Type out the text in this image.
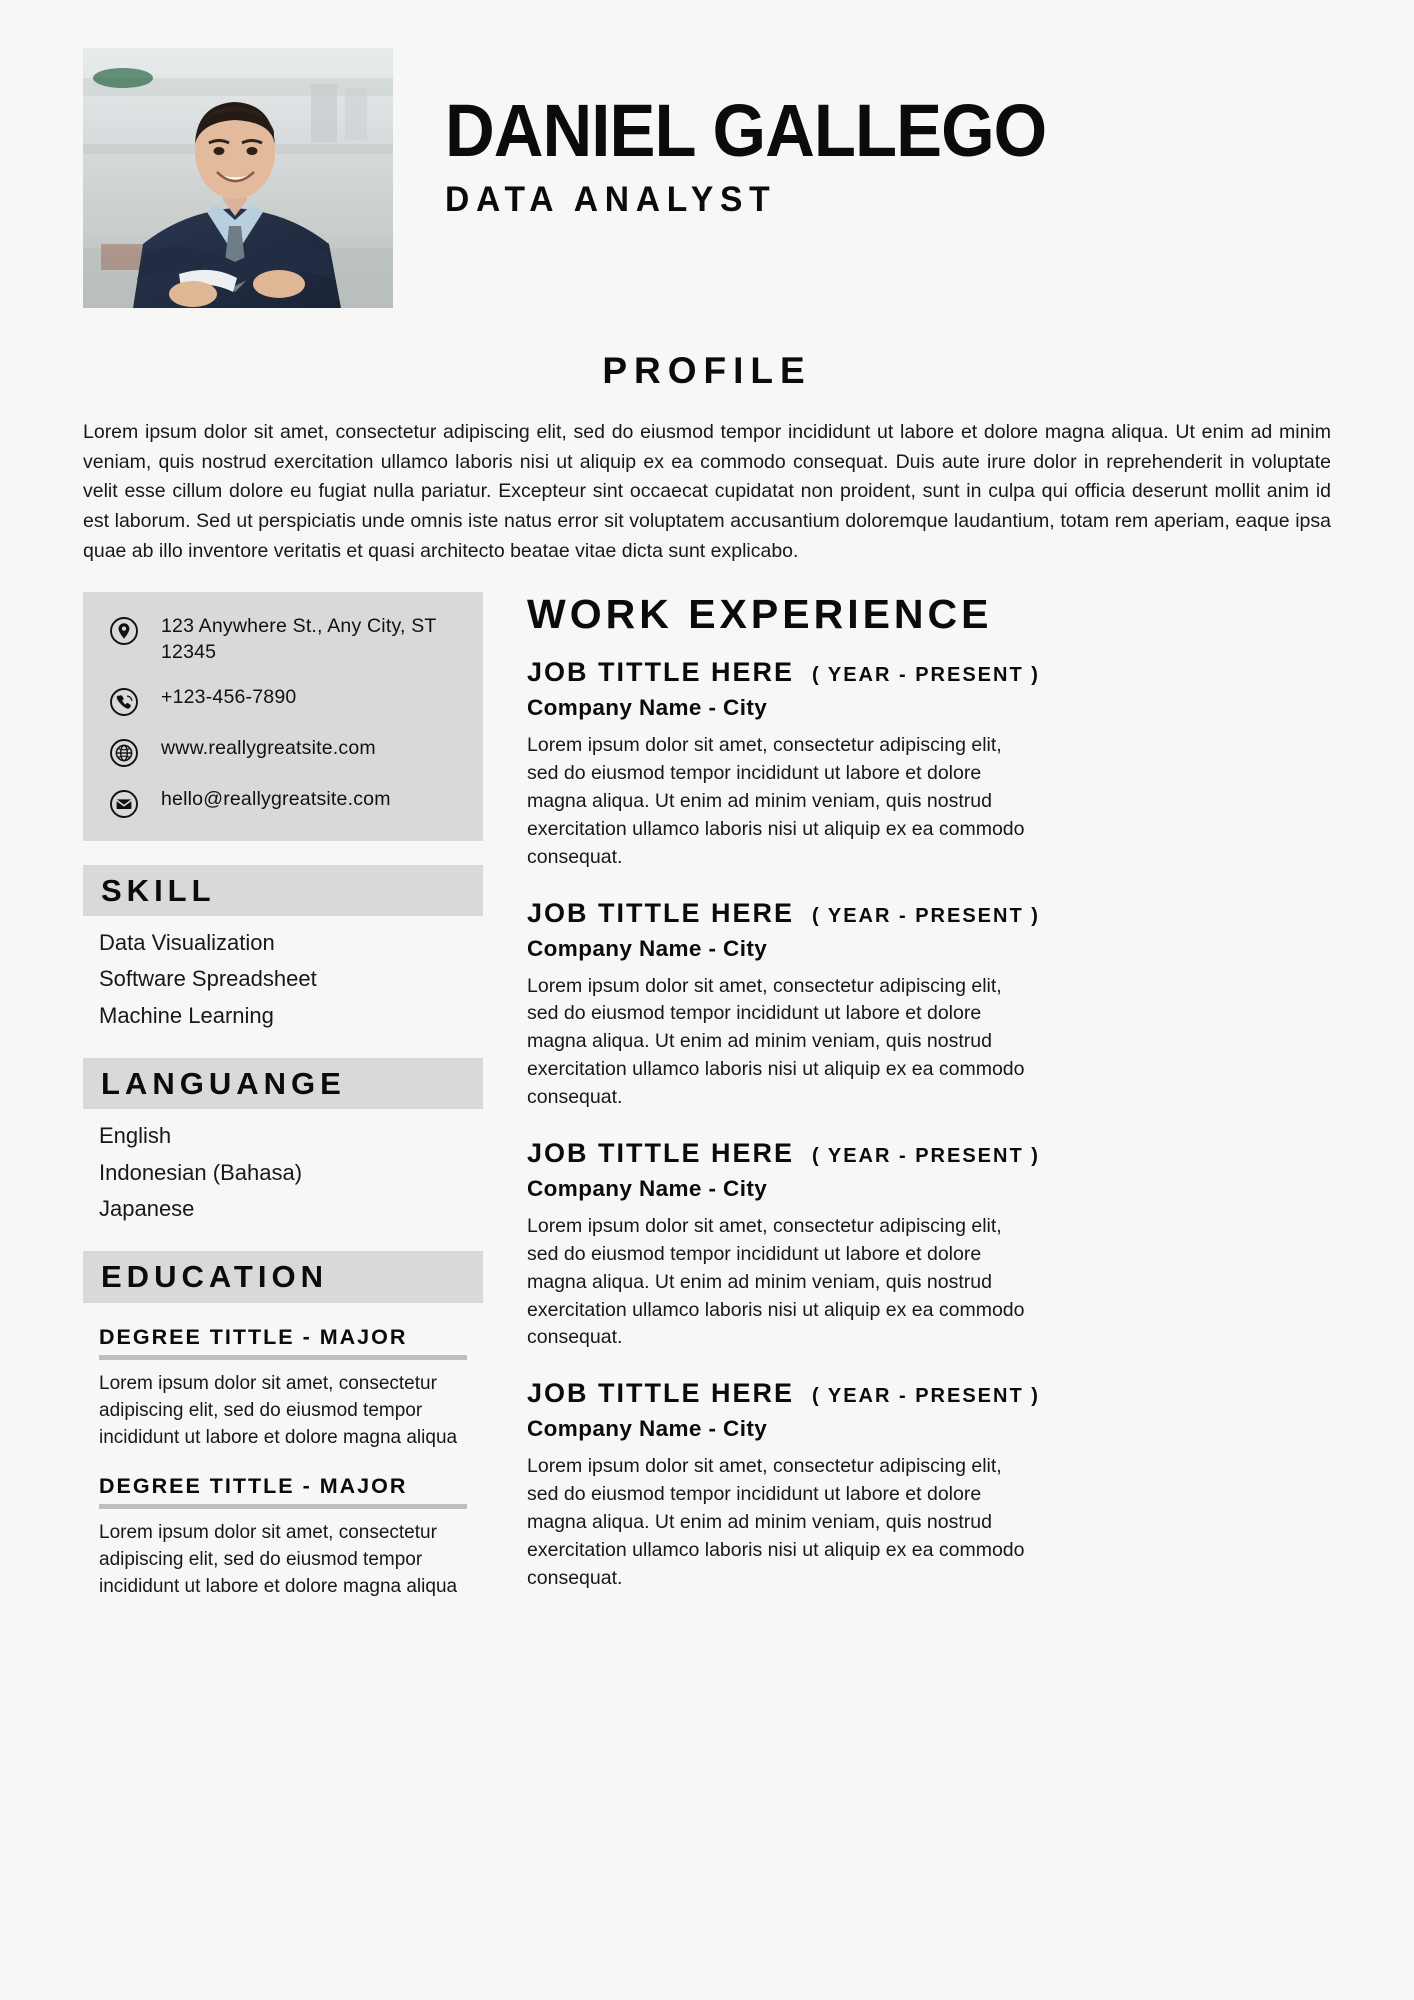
DANIEL GALLEGO
DATA ANALYST
PROFILE
Lorem ipsum dolor sit amet, consectetur adipiscing elit, sed do eiusmod tempor incididunt ut labore et dolore magna aliqua. Ut enim ad minim veniam, quis nostrud exercitation ullamco laboris nisi ut aliquip ex ea commodo consequat. Duis aute irure dolor in reprehenderit in voluptate velit esse cillum dolore eu fugiat nulla pariatur. Excepteur sint occaecat cupidatat non proident, sunt in culpa qui officia deserunt mollit anim id est laborum. Sed ut perspiciatis unde omnis iste natus error sit voluptatem accusantium doloremque laudantium, totam rem aperiam, eaque ipsa quae ab illo inventore veritatis et quasi architecto beatae vitae dicta sunt explicabo.
123 Anywhere St., Any City, ST 12345
+123-456-7890
www.reallygreatsite.com
hello@reallygreatsite.com
SKILL
Data Visualization
Software Spreadsheet
Machine Learning
LANGUANGE
English
Indonesian (Bahasa)
Japanese
EDUCATION
DEGREE TITTLE - MAJOR
Lorem ipsum dolor sit amet, consectetur adipiscing elit, sed do eiusmod tempor incididunt ut labore et dolore magna aliqua
DEGREE TITTLE - MAJOR
Lorem ipsum dolor sit amet, consectetur adipiscing elit, sed do eiusmod tempor incididunt ut labore et dolore magna aliqua
WORK EXPERIENCE
JOB TITTLE HERE ( YEAR - PRESENT )
Company Name - City
Lorem ipsum dolor sit amet, consectetur adipiscing elit, sed do eiusmod tempor incididunt ut labore et dolore magna aliqua. Ut enim ad minim veniam, quis nostrud exercitation ullamco laboris nisi ut aliquip ex ea commodo consequat.
JOB TITTLE HERE ( YEAR - PRESENT )
Company Name - City
Lorem ipsum dolor sit amet, consectetur adipiscing elit, sed do eiusmod tempor incididunt ut labore et dolore magna aliqua. Ut enim ad minim veniam, quis nostrud exercitation ullamco laboris nisi ut aliquip ex ea commodo consequat.
JOB TITTLE HERE ( YEAR - PRESENT )
Company Name - City
Lorem ipsum dolor sit amet, consectetur adipiscing elit, sed do eiusmod tempor incididunt ut labore et dolore magna aliqua. Ut enim ad minim veniam, quis nostrud exercitation ullamco laboris nisi ut aliquip ex ea commodo consequat.
JOB TITTLE HERE ( YEAR - PRESENT )
Company Name - City
Lorem ipsum dolor sit amet, consectetur adipiscing elit, sed do eiusmod tempor incididunt ut labore et dolore magna aliqua. Ut enim ad minim veniam, quis nostrud exercitation ullamco laboris nisi ut aliquip ex ea commodo consequat.
